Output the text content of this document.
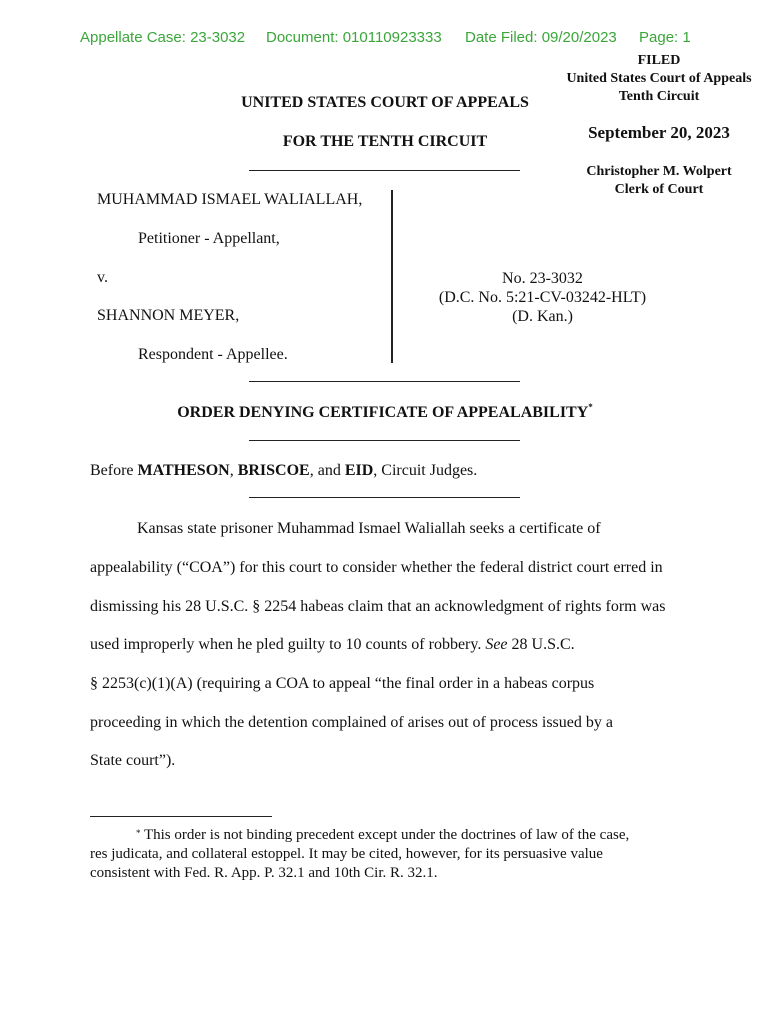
Appellate Case: 23-3032 Document: 010110923333 Date Filed: 09/20/2023 Page: 1
FILED
United States Court of Appeals
Tenth Circuit
September 20, 2023
Christopher M. Wolpert
Clerk of Court
UNITED STATES COURT OF APPEALS
FOR THE TENTH CIRCUIT
MUHAMMAD ISMAEL WALIALLAH,
Petitioner - Appellant,
v.
SHANNON MEYER,
Respondent - Appellee.
No. 23-3032
(D.C. No. 5:21-CV-03242-HLT)
(D. Kan.)
ORDER DENYING CERTIFICATE OF APPEALABILITY*
Before MATHESON, BRISCOE, and EID, Circuit Judges.
Kansas state prisoner Muhammad Ismael Waliallah seeks a certificate of
appealability (“COA”) for this court to consider whether the federal district court erred in
dismissing his 28 U.S.C. § 2254 habeas claim that an acknowledgment of rights form was
used improperly when he pled guilty to 10 counts of robbery. See 28 U.S.C.
§ 2253(c)(1)(A) (requiring a COA to appeal “the final order in a habeas corpus
proceeding in which the detention complained of arises out of process issued by a
State court”).
* This order is not binding precedent except under the doctrines of law of the case,
res judicata, and collateral estoppel. It may be cited, however, for its persuasive value
consistent with Fed. R. App. P. 32.1 and 10th Cir. R. 32.1.
